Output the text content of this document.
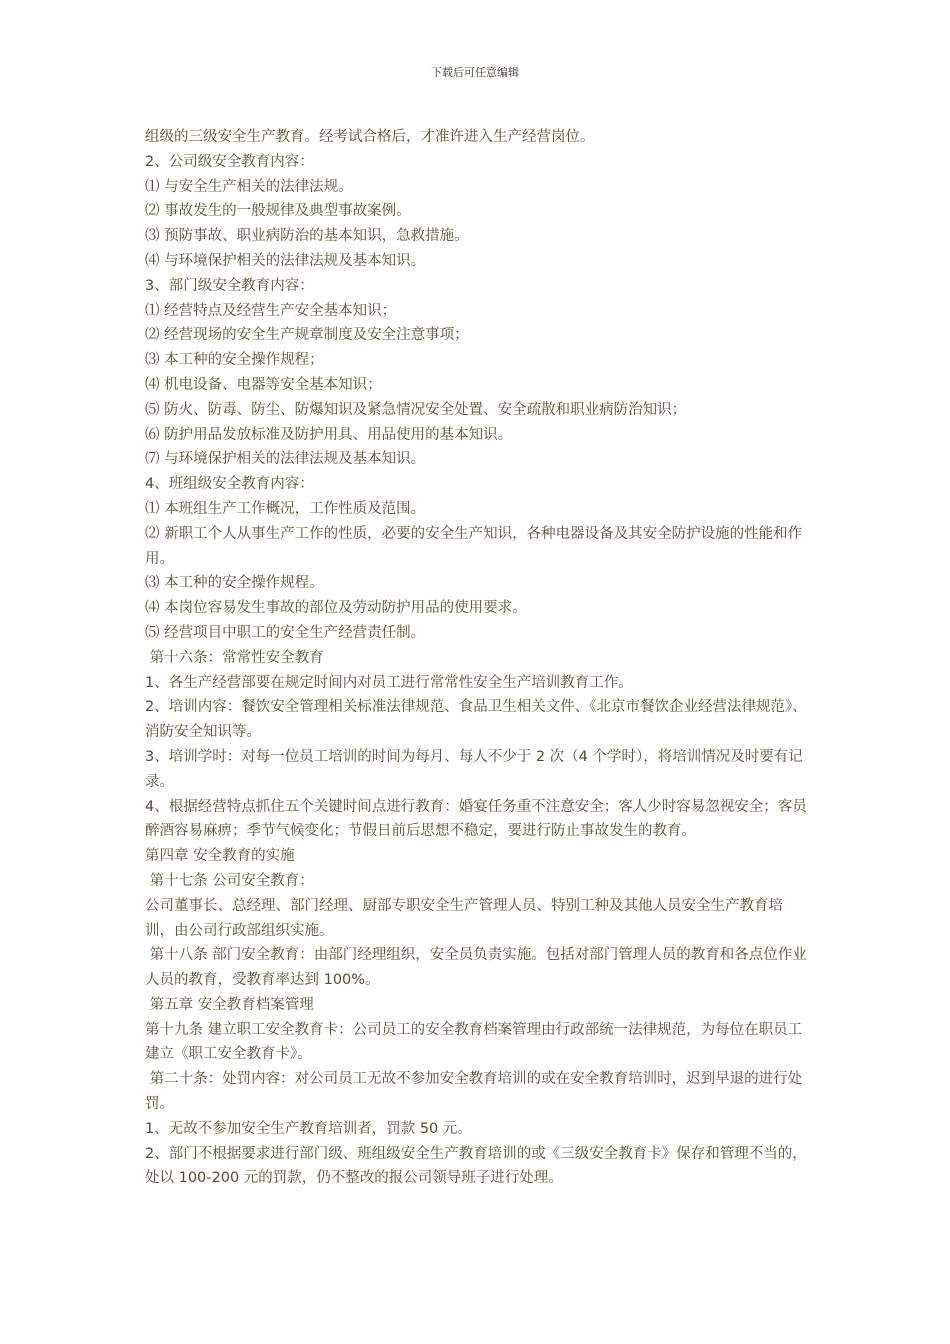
下载后可任意编辑

组级的三级安全生产教育。经考试合格后，才准许进入生产经营岗位。

2、公司级安全教育内容：

⑴ 与安全生产相关的法律法规。

⑵ 事故发生的一般规律及典型事故案例。

⑶ 预防事故、职业病防治的基本知识，急救措施。

⑷ 与环境保护相关的法律法规及基本知识。

3、部门级安全教育内容：

⑴ 经营特点及经营生产安全基本知识；

⑵ 经营现场的安全生产规章制度及安全注意事项；

⑶ 本工种的安全操作规程；

⑷ 机电设备、电器等安全基本知识；

⑸ 防火、防毒、防尘、防爆知识及紧急情况安全处置、安全疏散和职业病防治知识；

⑹ 防护用品发放标准及防护用具、用品使用的基本知识。

⑺ 与环境保护相关的法律法规及基本知识。

4、班组级安全教育内容：

⑴ 本班组生产工作概况，工作性质及范围。

⑵ 新职工个人从事生产工作的性质，必要的安全生产知识，各种电器设备及其安全防护设施的性能和作用。

⑶ 本工种的安全操作规程。

⑷ 本岗位容易发生事故的部位及劳动防护用品的使用要求。

⑸ 经营项目中职工的安全生产经营责任制。

第十六条：常常性安全教育

1、各生产经营部要在规定时间内对员工进行常常性安全生产培训教育工作。

2、培训内容：餐饮安全管理相关标准法律规范、食品卫生相关文件、《北京市餐饮企业经营法律规范》、消防安全知识等。

3、培训学时：对每一位员工培训的时间为每月、每人不少于 2 次（4 个学时），将培训情况及时要有记录。

4、根据经营特点抓住五个关键时间点进行教育：婚宴任务重不注意安全；客人少时容易忽视安全；客员醉酒容易麻痹；季节气候变化；节假日前后思想不稳定，要进行防止事故发生的教育。

第四章 安全教育的实施

第十七条 公司安全教育：

公司董事长、总经理、部门经理、厨部专职安全生产管理人员、特别工种及其他人员安全生产教育培训，由公司行政部组织实施。

第十八条 部门安全教育：由部门经理组织，安全员负责实施。包括对部门管理人员的教育和各点位作业人员的教育，受教育率达到 100%。

第五章 安全教育档案管理

第十九条 建立职工安全教育卡：公司员工的安全教育档案管理由行政部统一法律规范，为每位在职员工建立《职工安全教育卡》。

第二十条：处罚内容：对公司员工无故不参加安全教育培训的或在安全教育培训时，迟到早退的进行处罚。

1、无故不参加安全生产教育培训者，罚款 50 元。

2、部门不根据要求进行部门级、班组级安全生产教育培训的或《三级安全教育卡》保存和管理不当的，处以 100-200 元的罚款，仍不整改的报公司领导班子进行处理。
